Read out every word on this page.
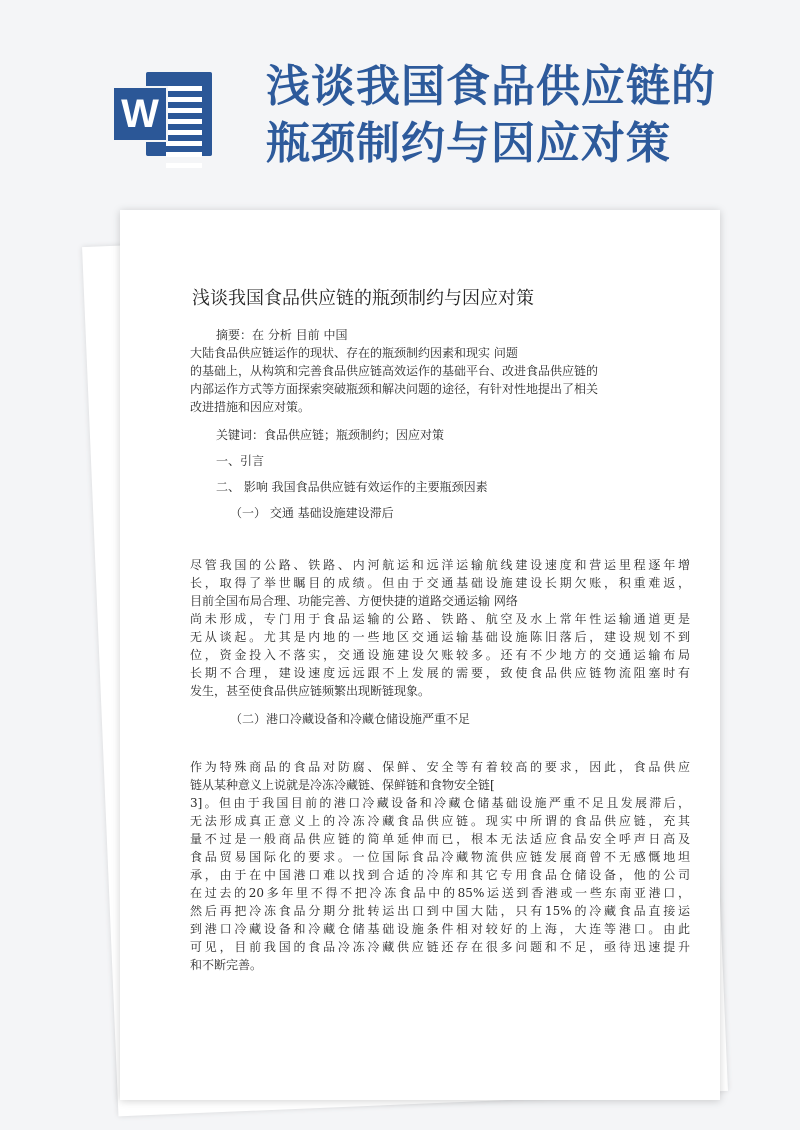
W
浅谈我国食品供应链的
瓶颈制约与因应对策
浅谈我国食品供应链的瓶颈制约与因应对策
摘要：在 分析 目前 中国
大陆食品供应链运作的现状、存在的瓶颈制约因素和现实 问题
的基础上，从构筑和完善食品供应链高效运作的基础平台、改进食品供应链的
内部运作方式等方面探索突破瓶颈和解决问题的途径，有针对性地提出了相关
改进措施和因应对策。
关键词：食品供应链；瓶颈制约；因应对策
一、引言
二、 影响 我国食品供应链有效运作的主要瓶颈因素
（一） 交通 基础设施建设滞后
尽管我国的公路、铁路、内河航运和远洋运输航线建设速度和营运里程逐年增
长，取得了举世瞩目的成绩。但由于交通基础设施建设长期欠账，积重难返，
目前全国布局合理、功能完善、方便快捷的道路交通运输 网络
尚未形成，专门用于食品运输的公路、铁路、航空及水上常年性运输通道更是
无从谈起。尤其是内地的一些地区交通运输基础设施陈旧落后，建设规划不到
位，资金投入不落实，交通设施建设欠账较多。还有不少地方的交通运输布局
长期不合理，建设速度远远跟不上发展的需要，致使食品供应链物流阻塞时有
发生，甚至使食品供应链频繁出现断链现象。
（二）港口冷藏设备和冷藏仓储设施严重不足
作为特殊商品的食品对防腐、保鲜、安全等有着较高的要求，因此，食品供应
链从某种意义上说就是冷冻冷藏链、保鲜链和食物安全链[
3]。但由于我国目前的港口冷藏设备和冷藏仓储基础设施严重不足且发展滞后，
无法形成真正意义上的冷冻冷藏食品供应链。现实中所谓的食品供应链，充其
量不过是一般商品供应链的简单延伸而已，根本无法适应食品安全呼声日高及
食品贸易国际化的要求。一位国际食品冷藏物流供应链发展商曾不无感慨地坦
承，由于在中国港口难以找到合适的冷库和其它专用食品仓储设备，他的公司
在过去的20多年里不得不把冷冻食品中的85%运送到香港或一些东南亚港口，
然后再把冷冻食品分期分批转运出口到中国大陆，只有15%的冷藏食品直接运
到港口冷藏设备和冷藏仓储基础设施条件相对较好的上海，大连等港口。由此
可见，目前我国的食品冷冻冷藏供应链还存在很多问题和不足，亟待迅速提升
和不断完善。
